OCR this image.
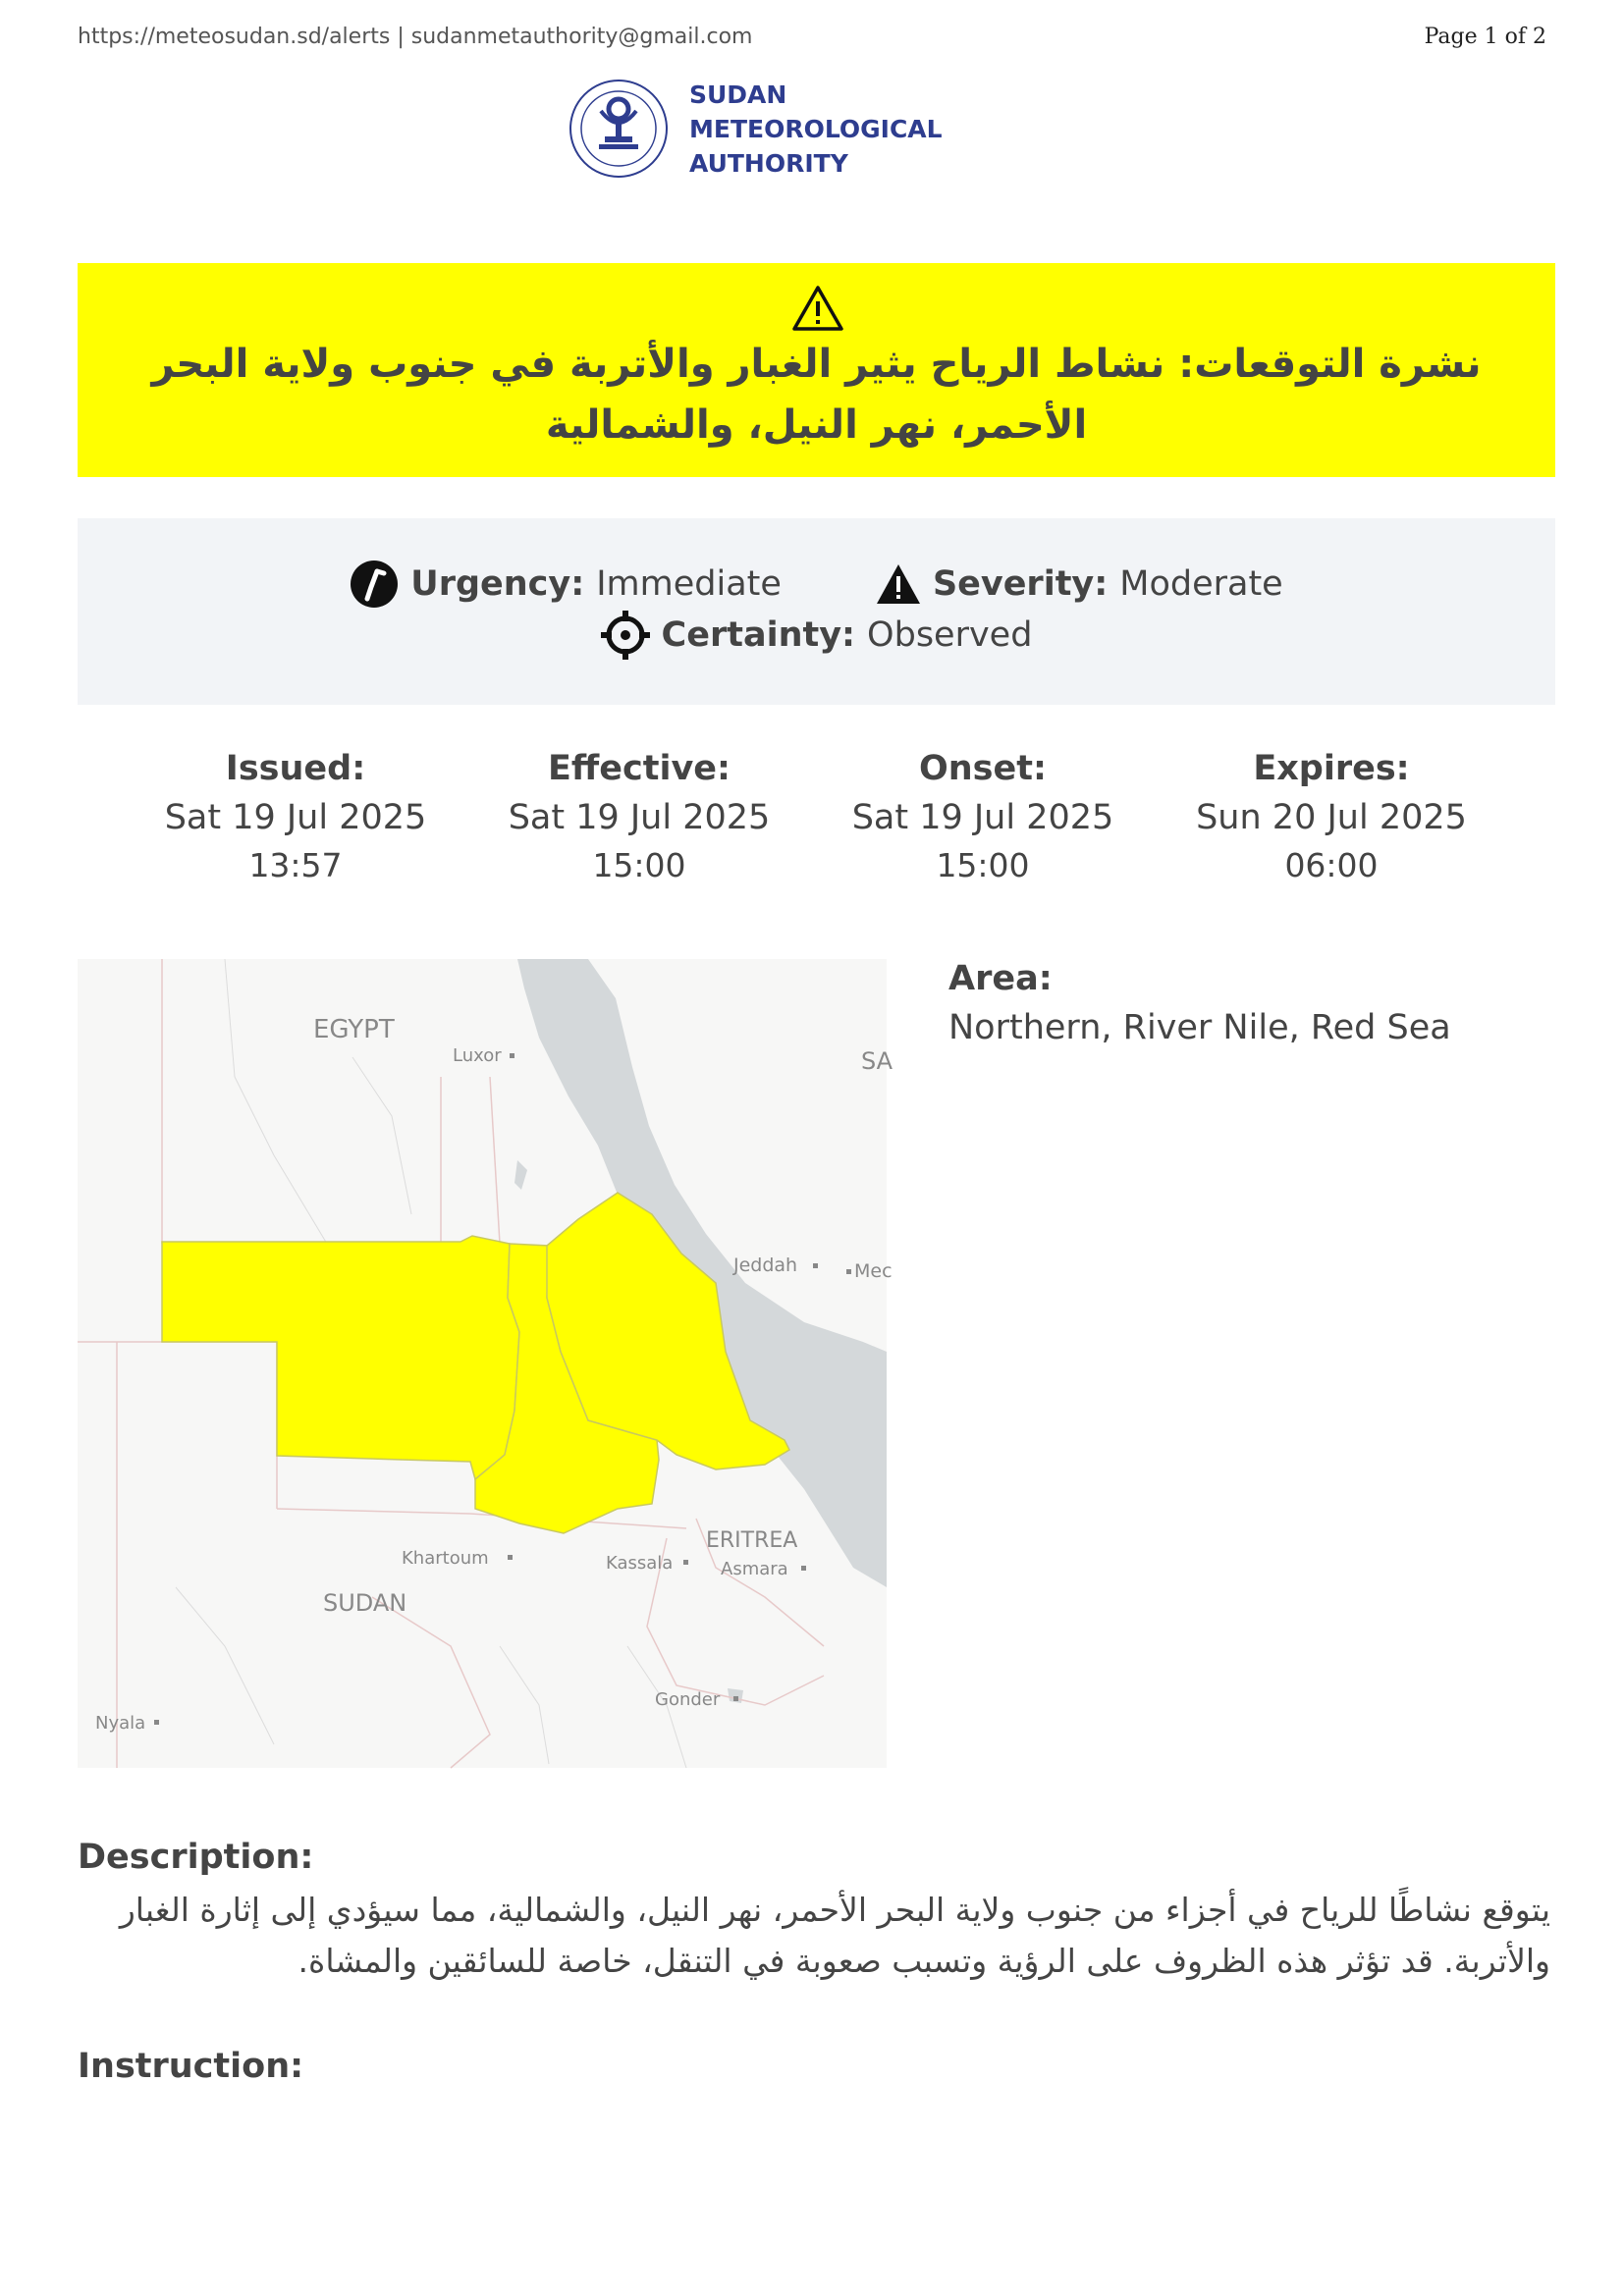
https://meteosudan.sd/alerts | sudanmetauthority@gmail.com	Page 1 of 2
SUDAN
METEOROLOGICAL
AUTHORITY
نشرة التوقعات: نشاط الرياح يثير الغبار والأتربة في جنوب ولاية البحر الأحمر، نهر النيل، والشمالية
Urgency: Immediate	Severity: Moderate
Certainty: Observed
Issued:
Sat 19 Jul 2025
13:57
Effective:
Sat 19 Jul 2025
15:00
Onset:
Sat 19 Jul 2025
15:00
Expires:
Sun 20 Jul 2025
06:00
EGYPT
Luxor	SA
Jeddah	Mec
ERITREA
Asmara
Kassala
Khartoum
SUDAN
Gonder
Nyala
Area:
Northern, River Nile, Red Sea
Description:
يتوقع نشاطًا للرياح في أجزاء من جنوب ولاية البحر الأحمر، نهر النيل، والشمالية، مما سيؤدي إلى إثارة الغبار والأتربة. قد تؤثر هذه الظروف على الرؤية وتسبب صعوبة في التنقل، خاصة للسائقين والمشاة.
Instruction:
